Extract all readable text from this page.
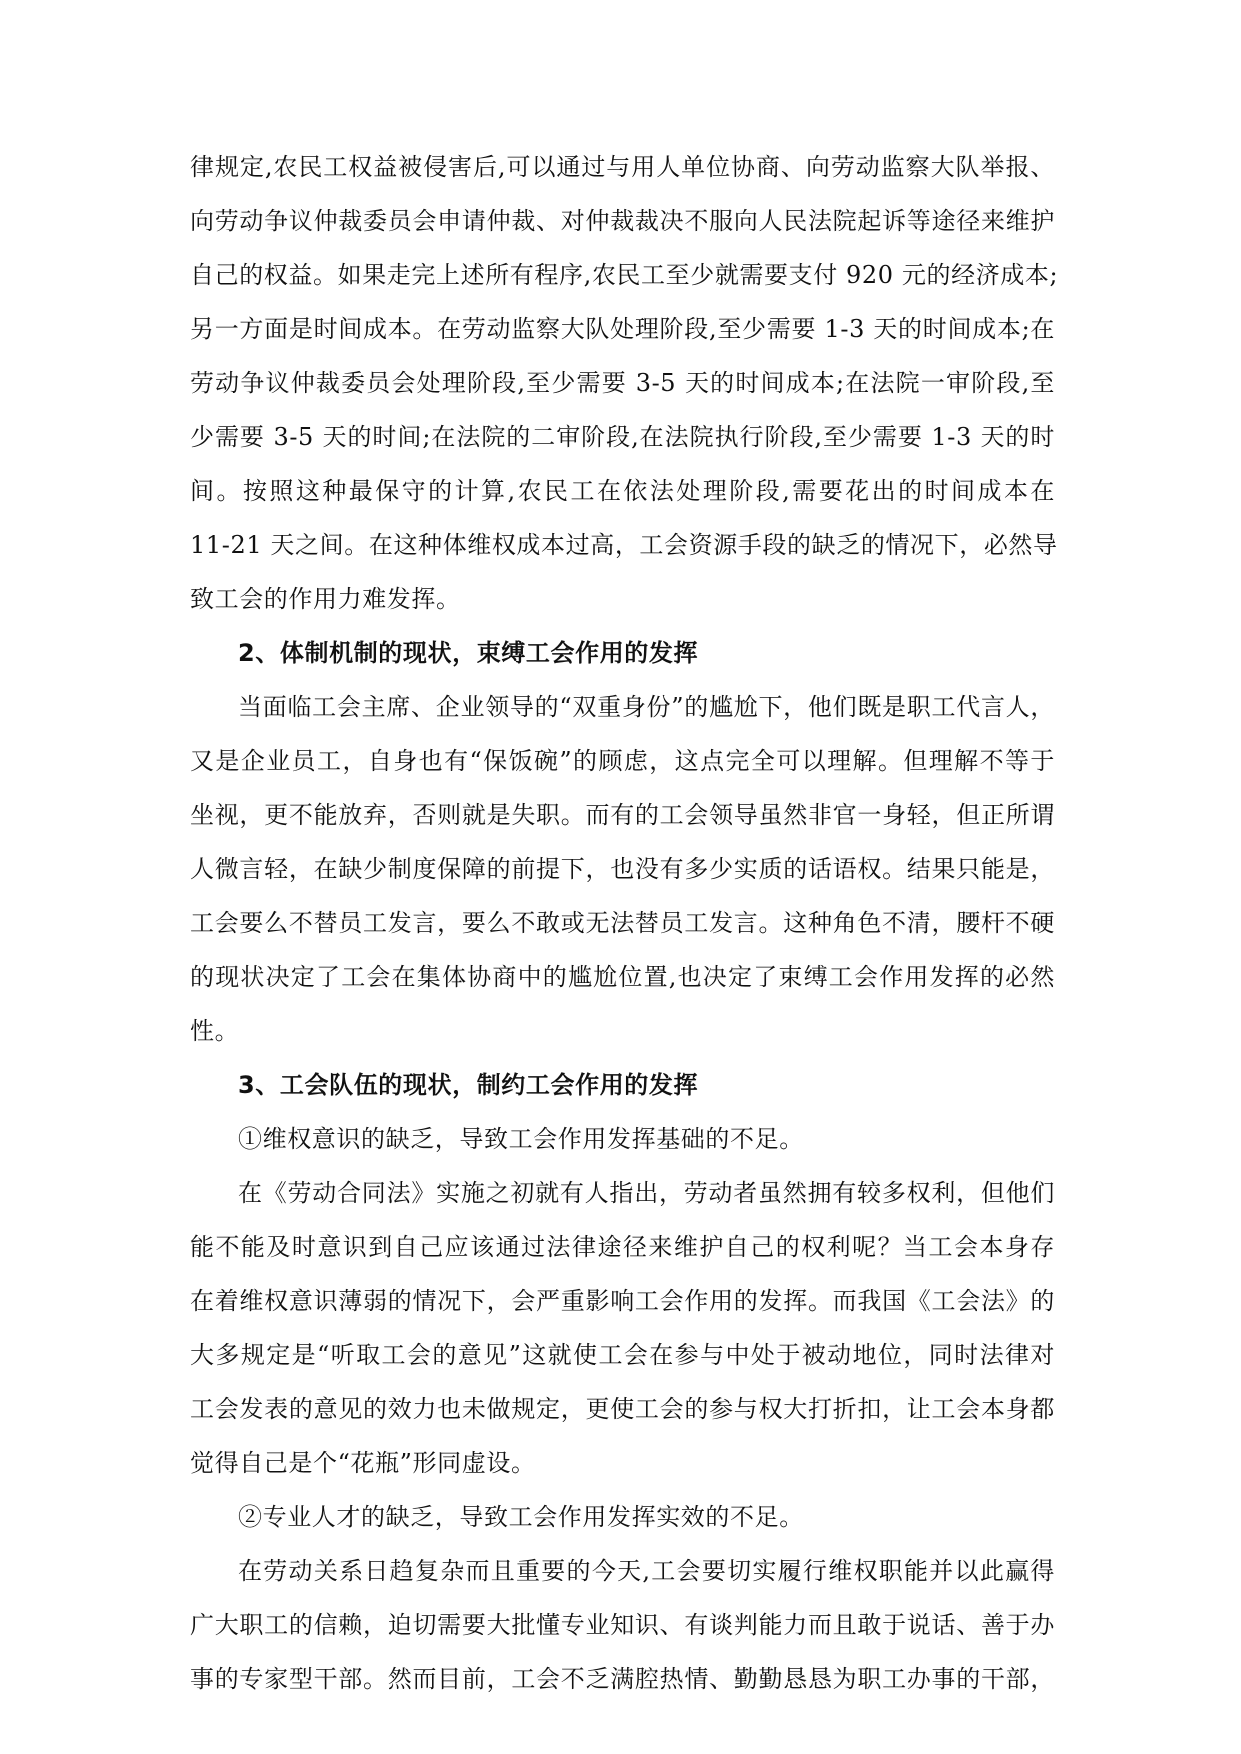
律规定,农民工权益被侵害后,可以通过与用人单位协商、向劳动监察大队举报、
向劳动争议仲裁委员会申请仲裁、对仲裁裁决不服向人民法院起诉等途径来维护
自己的权益。如果走完上述所有程序,农民工至少就需要支付 920 元的经济成本;
另一方面是时间成本。在劳动监察大队处理阶段,至少需要 1-3 天的时间成本;在
劳动争议仲裁委员会处理阶段,至少需要 3-5 天的时间成本;在法院一审阶段,至
少需要 3-5 天的时间;在法院的二审阶段,在法院执行阶段,至少需要 1-3 天的时
间。按照这种最保守的计算,农民工在依法处理阶段,需要花出的时间成本在
11-21 天之间。在这种体维权成本过高，工会资源手段的缺乏的情况下，必然导
致工会的作用力难发挥。
2、体制机制的现状，束缚工会作用的发挥
当面临工会主席、企业领导的“双重身份”的尴尬下，他们既是职工代言人，
又是企业员工，自身也有“保饭碗”的顾虑，这点完全可以理解。但理解不等于
坐视，更不能放弃，否则就是失职。而有的工会领导虽然非官一身轻，但正所谓
人微言轻，在缺少制度保障的前提下，也没有多少实质的话语权。结果只能是，
工会要么不替员工发言，要么不敢或无法替员工发言。这种角色不清，腰杆不硬
的现状决定了工会在集体协商中的尴尬位置,也决定了束缚工会作用发挥的必然
性。
3、工会队伍的现状，制约工会作用的发挥
①维权意识的缺乏，导致工会作用发挥基础的不足。
在《劳动合同法》实施之初就有人指出，劳动者虽然拥有较多权利，但他们
能不能及时意识到自己应该通过法律途径来维护自己的权利呢？当工会本身存
在着维权意识薄弱的情况下，会严重影响工会作用的发挥。而我国《工会法》的
大多规定是“听取工会的意见”这就使工会在参与中处于被动地位，同时法律对
工会发表的意见的效力也未做规定，更使工会的参与权大打折扣，让工会本身都
觉得自己是个“花瓶”形同虚设。
②专业人才的缺乏，导致工会作用发挥实效的不足。
在劳动关系日趋复杂而且重要的今天,工会要切实履行维权职能并以此赢得
广大职工的信赖，迫切需要大批懂专业知识、有谈判能力而且敢于说话、善于办
事的专家型干部。然而目前，工会不乏满腔热情、勤勤恳恳为职工办事的干部，
